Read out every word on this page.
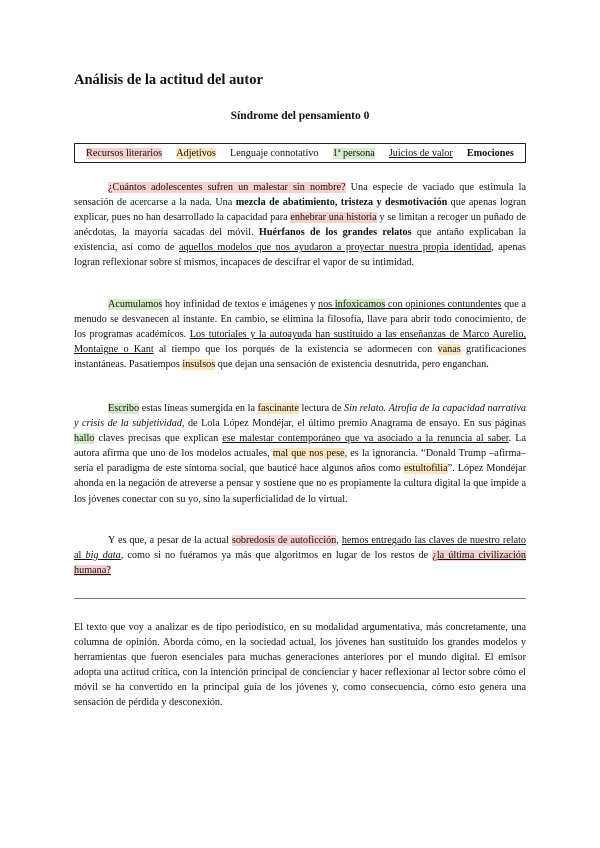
Análisis de la actitud del autor
Síndrome del pensamiento 0
Recursos literarios Adjetivos Lenguaje connotativo 1ª persona Juicios de valor Emociones
¿Cuántos adolescentes sufren un malestar sin nombre? Una especie de vaciado que estimula la sensación de acercarse a la nada. Una mezcla de abatimiento, tristeza y desmotivación que apenas logran explicar, pues no han desarrollado la capacidad para enhebrar una historia y se limitan a recoger un puñado de anécdotas, la mayoría sacadas del móvil. Huérfanos de los grandes relatos que antaño explicaban la existencia, así como de aquellos modelos que nos ayudaron a proyectar nuestra propia identidad, apenas logran reflexionar sobre sí mismos, incapaces de descifrar el vapor de su intimidad.
Acumulamos hoy infinidad de textos e imágenes y nos infoxicamos con opiniones contundentes que a menudo se desvanecen al instante. En cambio, se elimina la filosofía, llave para abrir todo conocimiento, de los programas académicos. Los tutoriales y la autoayuda han sustituido a las enseñanzas de Marco Aurelio, Montaigne o Kant al tiempo que los porqués de la existencia se adormecen con vanas gratificaciones instantáneas. Pasatiempos insulsos que dejan una sensación de existencia desnutrida, pero enganchan.
Escribo estas líneas sumergida en la fascinante lectura de Sin relato. Atrofia de la capacidad narrativa y crisis de la subjetividad, de Lola López Mondéjar, el último premio Anagrama de ensayo. En sus páginas hallo claves precisas que explican ese malestar contemporáneo que va asociado a la renuncia al saber. La autora afirma que uno de los modelos actuales, mal que nos pese, es la ignorancia. “Donald Trump –afirma– sería el paradigma de este síntoma social, que bauticé hace algunos años como estultofilia”. López Mondéjar ahonda en la negación de atreverse a pensar y sostiene que no es propiamente la cultura digital la que impide a los jóvenes conectar con su yo, sino la superficialidad de lo virtual.
Y es que, a pesar de la actual sobredosis de autoficción, hemos entregado las claves de nuestro relato al big data, como si no fuéramos ya más que algoritmos en lugar de los restos de ¿la última civilización humana?
El texto que voy a analizar es de tipo periodístico, en su modalidad argumentativa, más concretamente, una columna de opinión. Aborda cómo, en la sociedad actual, los jóvenes han sustituido los grandes modelos y herramientas que fueron esenciales para muchas generaciones anteriores por el mundo digital. El emisor adopta una actitud crítica, con la intención principal de concienciar y hacer reflexionar al lector sobre cómo el móvil se ha convertido en la principal guía de los jóvenes y, como consecuencia, cómo esto genera una sensación de pérdida y desconexión.
